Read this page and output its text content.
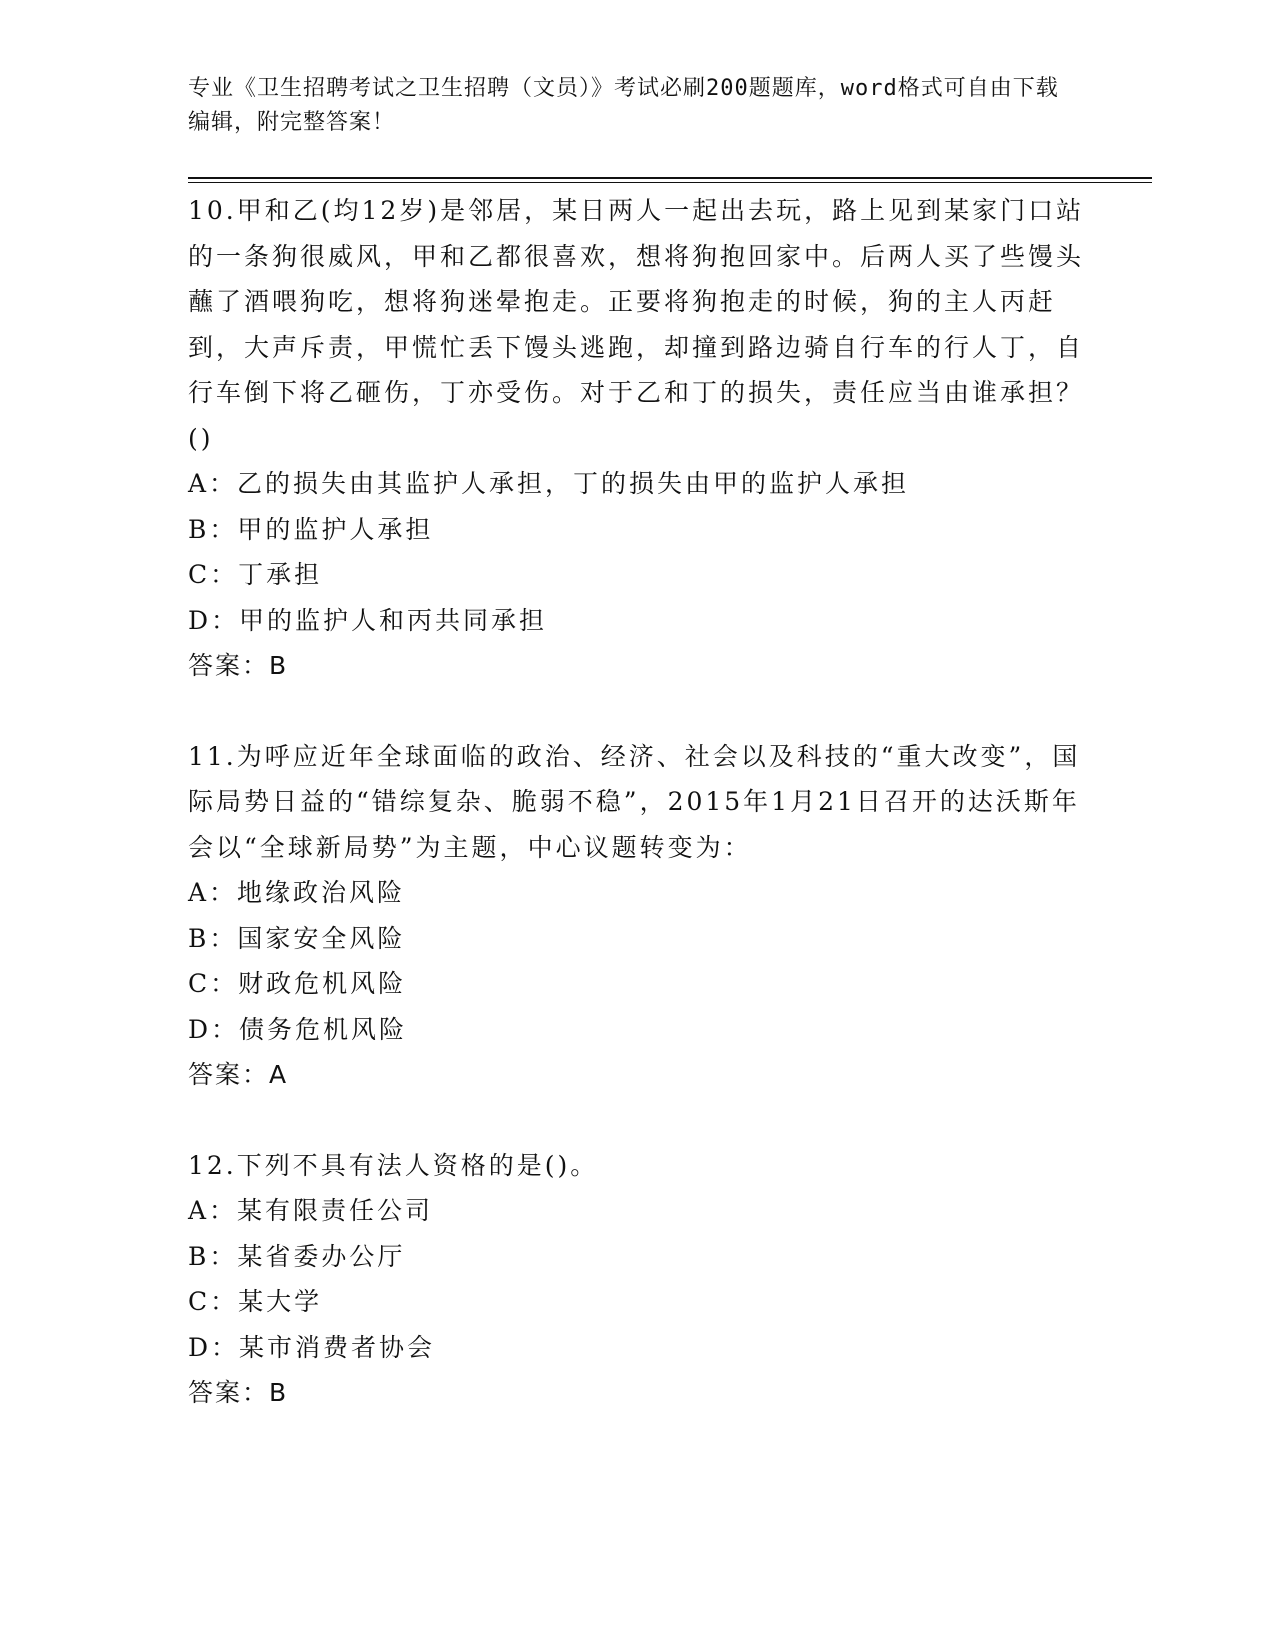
专业《卫生招聘考试之卫生招聘（文员）》考试必刷200题题库，word格式可自由下载编辑，附完整答案！
10.甲和乙(均12岁)是邻居，某日两人一起出去玩，路上见到某家门口站的一条狗很威风，甲和乙都很喜欢，想将狗抱回家中。后两人买了些馒头蘸了酒喂狗吃，想将狗迷晕抱走。正要将狗抱走的时候，狗的主人丙赶到，大声斥责，甲慌忙丢下馒头逃跑，却撞到路边骑自行车的行人丁，自行车倒下将乙砸伤，丁亦受伤。对于乙和丁的损失，责任应当由谁承担？()
A：乙的损失由其监护人承担，丁的损失由甲的监护人承担
B：甲的监护人承担
C：丁承担
D：甲的监护人和丙共同承担
答案：B
11.为呼应近年全球面临的政治、经济、社会以及科技的“重大改变”，国际局势日益的“错综复杂、脆弱不稳”，2015年1月21日召开的达沃斯年会以“全球新局势”为主题，中心议题转变为：
A：地缘政治风险
B：国家安全风险
C：财政危机风险
D：债务危机风险
答案：A
12.下列不具有法人资格的是()。
A：某有限责任公司
B：某省委办公厅
C：某大学
D：某市消费者协会
答案：B
